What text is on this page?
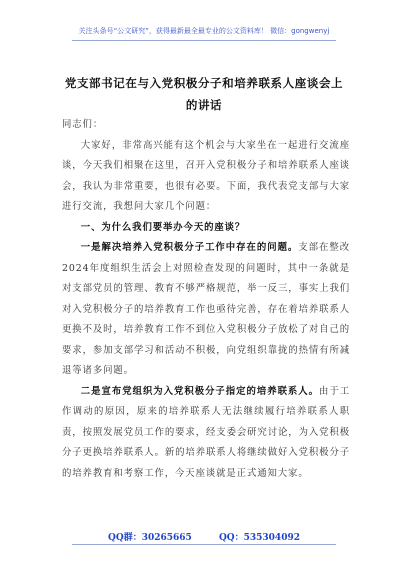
关注头条号“公文研究”，获得最新最全最专业的公文资料库！ 微信：gongwenyj
党支部书记在与入党积极分子和培养联系人座谈会上的讲话

同志们：

大家好，非常高兴能有这个机会与大家坐在一起进行交流座谈，今天我们相聚在这里，召开入党积极分子和培养联系人座谈会，我认为非常重要，也很有必要。下面，我代表党支部与大家进行交流，我想问大家几个问题：

一、为什么我们要举办今天的座谈？

一是解决培养入党积极分子工作中存在的问题。支部在整改2024年度组织生活会上对照检查发现的问题时，其中一条就是对支部党员的管理、教育不够严格规范，举一反三，事实上我们对入党积极分子的培养教育工作也亟待完善，存在着培养联系人更换不及时，培养教育工作不到位入党积极分子放松了对自己的要求，参加支部学习和活动不积极，向党组织靠拢的热情有所减退等诸多问题。

二是宣布党组织为入党积极分子指定的培养联系人。由于工作调动的原因，原来的培养联系人无法继续履行培养联系人职责，按照发展党员工作的要求，经支委会研究讨论，为入党积极分子更换培养联系人。新的培养联系人将继续做好入党积极分子的培养教育和考察工作，今天座谈就是正式通知大家。

QQ群：30265665	QQ：535304092
